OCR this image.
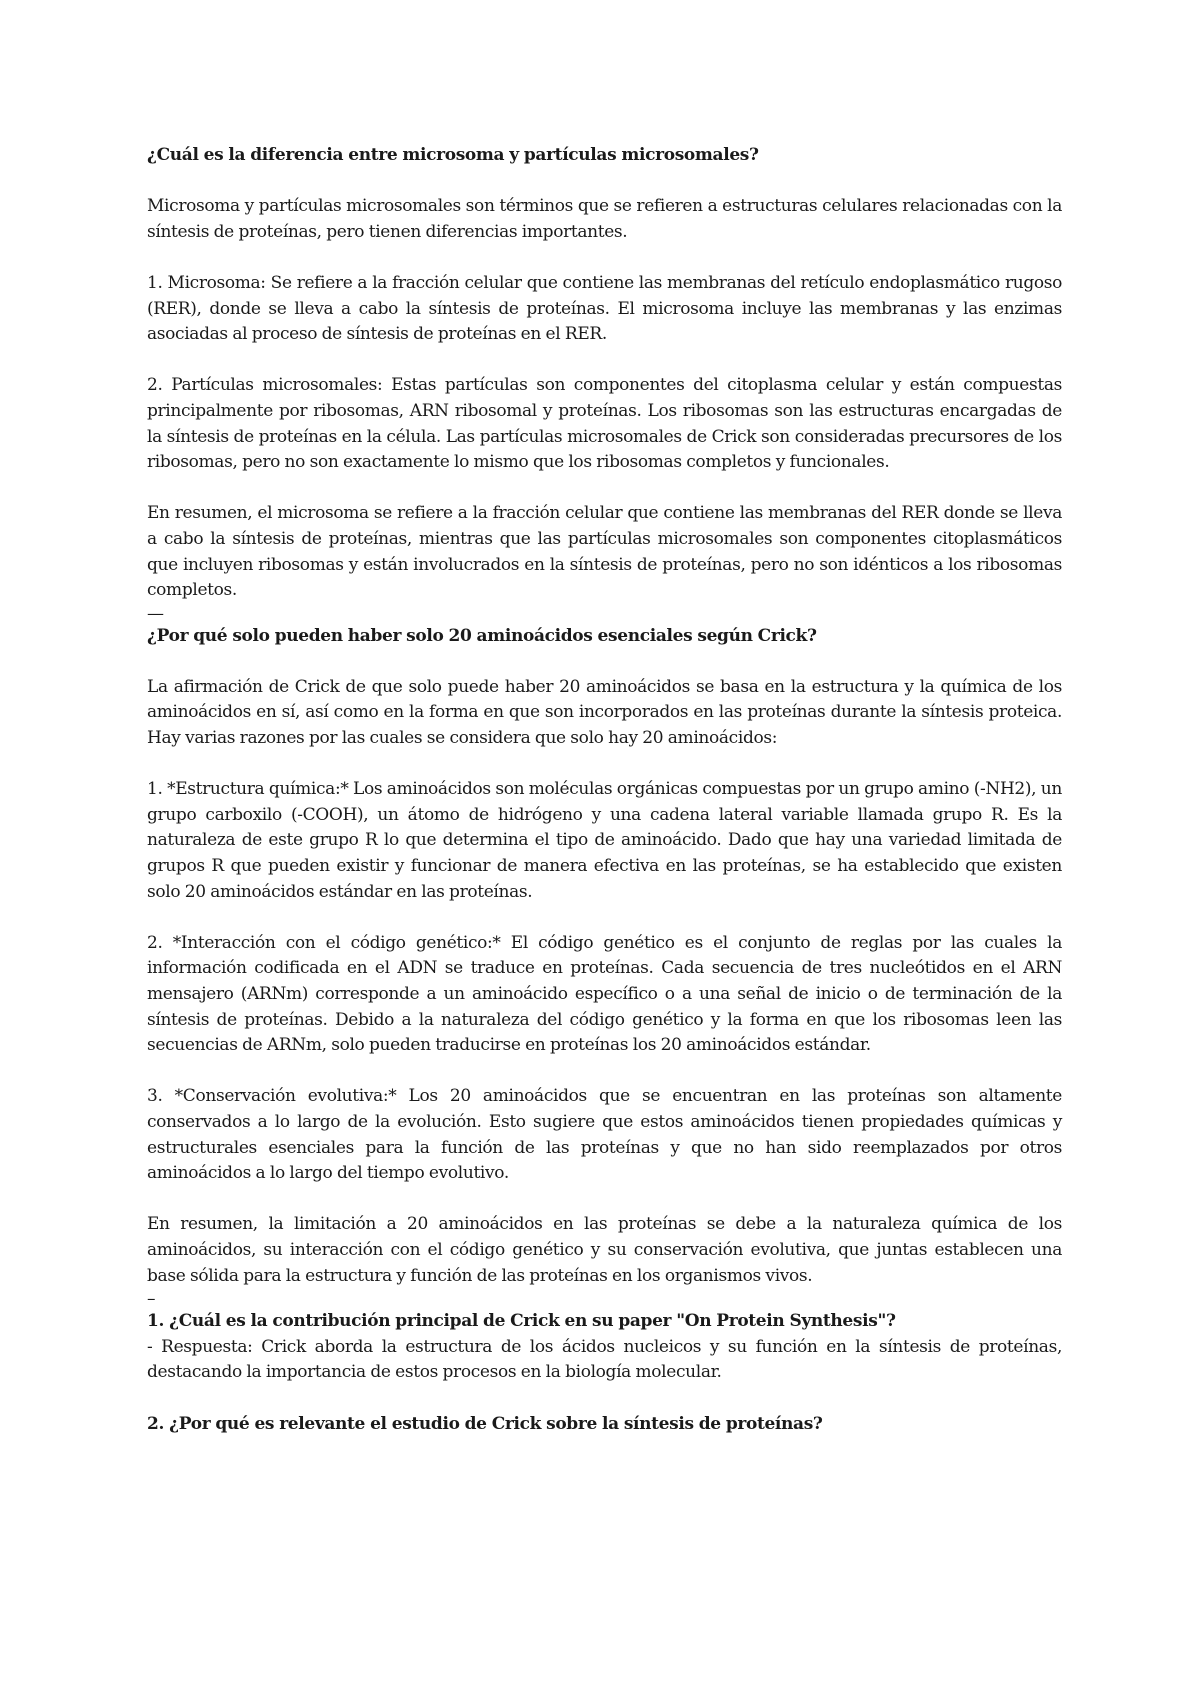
¿Cuál es la diferencia entre microsoma y partículas microsomales?

Microsoma y partículas microsomales son términos que se refieren a estructuras celulares relacionadas con la síntesis de proteínas, pero tienen diferencias importantes.

1. Microsoma: Se refiere a la fracción celular que contiene las membranas del retículo endoplasmático rugoso (RER), donde se lleva a cabo la síntesis de proteínas. El microsoma incluye las membranas y las enzimas asociadas al proceso de síntesis de proteínas en el RER.

2. Partículas microsomales: Estas partículas son componentes del citoplasma celular y están compuestas principalmente por ribosomas, ARN ribosomal y proteínas. Los ribosomas son las estructuras encargadas de la síntesis de proteínas en la célula. Las partículas microsomales de Crick son consideradas precursores de los ribosomas, pero no son exactamente lo mismo que los ribosomas completos y funcionales.

En resumen, el microsoma se refiere a la fracción celular que contiene las membranas del RER donde se lleva a cabo la síntesis de proteínas, mientras que las partículas microsomales son componentes citoplasmáticos que incluyen ribosomas y están involucrados en la síntesis de proteínas, pero no son idénticos a los ribosomas completos.

—

¿Por qué solo pueden haber solo 20 aminoácidos esenciales según Crick?

La afirmación de Crick de que solo puede haber 20 aminoácidos se basa en la estructura y la química de los aminoácidos en sí, así como en la forma en que son incorporados en las proteínas durante la síntesis proteica. Hay varias razones por las cuales se considera que solo hay 20 aminoácidos:

1. *Estructura química:* Los aminoácidos son moléculas orgánicas compuestas por un grupo amino (-NH2), un grupo carboxilo (-COOH), un átomo de hidrógeno y una cadena lateral variable llamada grupo R. Es la naturaleza de este grupo R lo que determina el tipo de aminoácido. Dado que hay una variedad limitada de grupos R que pueden existir y funcionar de manera efectiva en las proteínas, se ha establecido que existen solo 20 aminoácidos estándar en las proteínas.

2. *Interacción con el código genético:* El código genético es el conjunto de reglas por las cuales la información codificada en el ADN se traduce en proteínas. Cada secuencia de tres nucleótidos en el ARN mensajero (ARNm) corresponde a un aminoácido específico o a una señal de inicio o de terminación de la síntesis de proteínas. Debido a la naturaleza del código genético y la forma en que los ribosomas leen las secuencias de ARNm, solo pueden traducirse en proteínas los 20 aminoácidos estándar.

3. *Conservación evolutiva:* Los 20 aminoácidos que se encuentran en las proteínas son altamente conservados a lo largo de la evolución. Esto sugiere que estos aminoácidos tienen propiedades químicas y estructurales esenciales para la función de las proteínas y que no han sido reemplazados por otros aminoácidos a lo largo del tiempo evolutivo.

En resumen, la limitación a 20 aminoácidos en las proteínas se debe a la naturaleza química de los aminoácidos, su interacción con el código genético y su conservación evolutiva, que juntas establecen una base sólida para la estructura y función de las proteínas en los organismos vivos.

–

1. ¿Cuál es la contribución principal de Crick en su paper "On Protein Synthesis"?

- Respuesta: Crick aborda la estructura de los ácidos nucleicos y su función en la síntesis de proteínas, destacando la importancia de estos procesos en la biología molecular.

2. ¿Por qué es relevante el estudio de Crick sobre la síntesis de proteínas?
